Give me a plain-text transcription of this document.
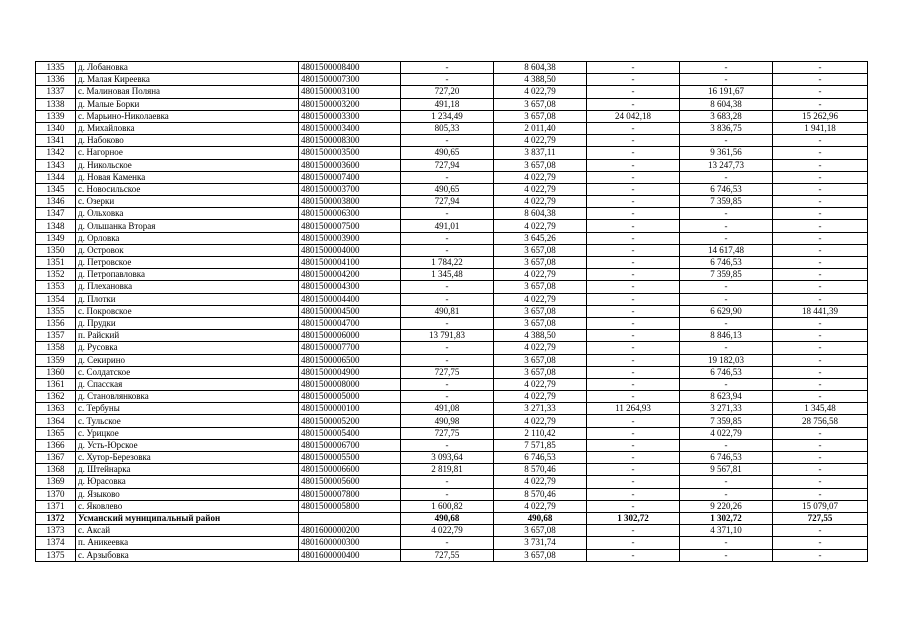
1335	д. Лобановка	4801500008400	-	8 604,38	-	-	-
1336	д. Малая Киреевка	4801500007300	-	4 388,50	-	-	-
1337	с. Малиновая Поляна	4801500003100	727,20	4 022,79	-	16 191,67	-
1338	д. Малые Борки	4801500003200	491,18	3 657,08	-	8 604,38	-
1339	с. Марьино-Николаевка	4801500003300	1 234,49	3 657,08	24 042,18	3 683,28	15 262,96
1340	д. Михайловка	4801500003400	805,33	2 011,40	-	3 836,75	1 941,18
1341	д. Набоково	4801500008300	-	4 022,79	-	-	-
1342	с. Нагорное	4801500003500	490,65	3 837,11	-	9 361,56	-
1343	д. Никольское	4801500003600	727,94	3 657,08	-	13 247,73	-
1344	д. Новая Каменка	4801500007400	-	4 022,79	-	-	-
1345	с. Новосильское	4801500003700	490,65	4 022,79	-	6 746,53	-
1346	с. Озерки	4801500003800	727,94	4 022,79	-	7 359,85	-
1347	д. Ольховка	4801500006300	-	8 604,38	-	-	-
1348	д. Ольшанка Вторая	4801500007500	491,01	4 022,79	-	-	-
1349	д. Орловка	4801500003900	-	3 645,26	-	-	-
1350	д. Островок	4801500004000	-	3 657,08	-	14 617,48	-
1351	д. Петровское	4801500004100	1 784,22	3 657,08	-	6 746,53	-
1352	д. Петропавловка	4801500004200	1 345,48	4 022,79	-	7 359,85	-
1353	д. Плехановка	4801500004300	-	3 657,08	-	-	-
1354	д. Плотки	4801500004400	-	4 022,79	-	-	-
1355	с. Покровское	4801500004500	490,81	3 657,08	-	6 629,90	18 441,39
1356	д. Прудки	4801500004700	-	3 657,08	-	-	-
1357	п. Райский	4801500006000	13 791,83	4 388,50	-	8 846,13	-
1358	д. Русовка	4801500007700	-	4 022,79	-	-	-
1359	д. Секирино	4801500006500	-	3 657,08	-	19 182,03	-
1360	с. Солдатское	4801500004900	727,75	3 657,08	-	6 746,53	-
1361	д. Спасская	4801500008000	-	4 022,79	-	-	-
1362	д. Становлянковка	4801500005000	-	4 022,79	-	8 623,94	-
1363	с. Тербуны	4801500000100	491,08	3 271,33	11 264,93	3 271,33	1 345,48
1364	с. Тульское	4801500005200	490,98	4 022,79	-	7 359,85	28 756,58
1365	с. Урицкое	4801500005400	727,75	2 110,42	-	4 022,79	-
1366	д. Усть-Юрское	4801500006700	-	7 571,85	-	-	-
1367	с. Хутор-Березовка	4801500005500	3 093,64	6 746,53	-	6 746,53	-
1368	д. Штейнарка	4801500006600	2 819,81	8 570,46	-	9 567,81	-
1369	д. Юрасовка	4801500005600	-	4 022,79	-	-	-
1370	д. Языково	4801500007800	-	8 570,46	-	-	-
1371	с. Яковлево	4801500005800	1 600,82	4 022,79	-	9 220,26	15 079,07
1372	Усманский муниципальный район		490,68	490,68	1 302,72	1 302,72	727,55
1373	с. Аксай	4801600000200	4 022,79	3 657,08	-	4 371,10	-
1374	п. Аникеевка	4801600000300	-	3 731,74	-	-	-
1375	с. Арзыбовка	4801600000400	727,55	3 657,08	-	-	-
